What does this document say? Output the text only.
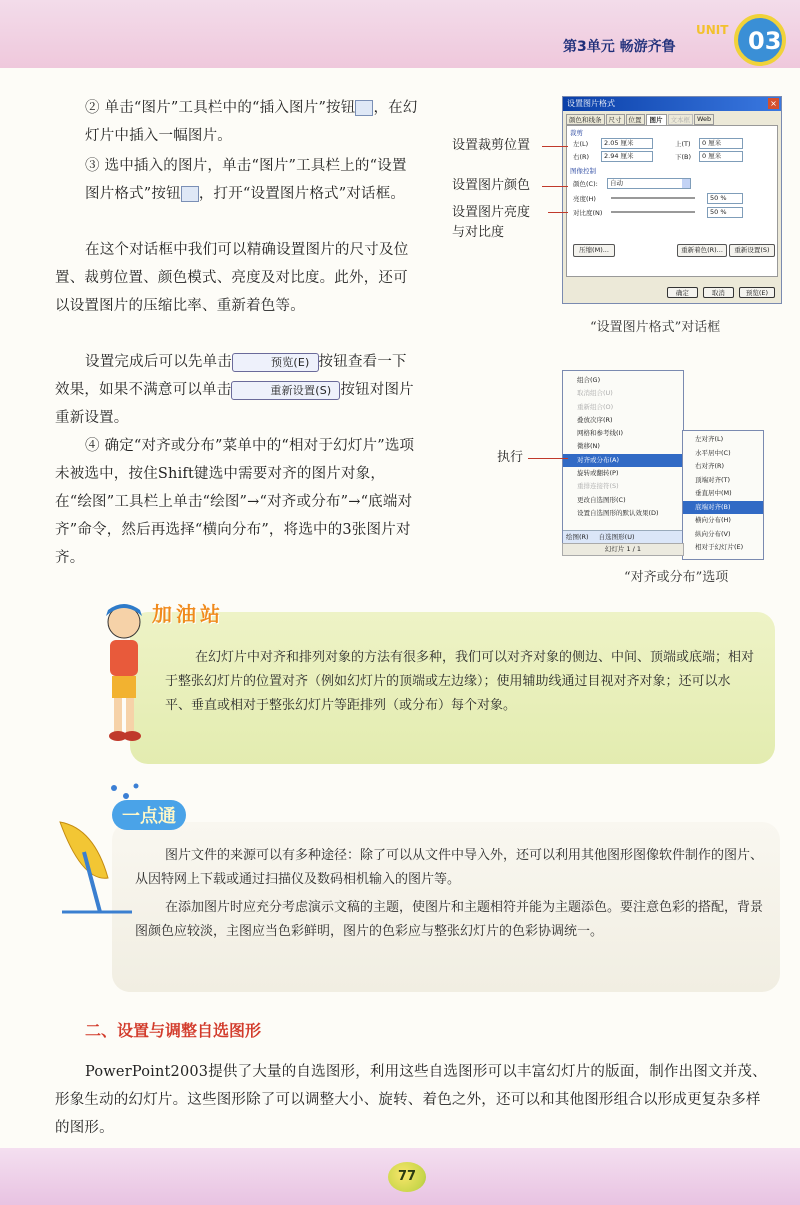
第3单元 畅游齐鲁
UNIT 03

② 单击“图片”工具栏中的“插入图片”按钮 ，在幻灯片中插入一幅图片。

③ 选中插入的图片，单击“图片”工具栏上的“设置图片格式”按钮 ，打开“设置图片格式”对话框。

在这个对话框中我们可以精确设置图片的尺寸及位置、裁剪位置、颜色模式、亮度及对比度。此外，还可以设置图片的压缩比率、重新着色等。

设置完成后可以先单击	预览(E) 按钮查看一下效果，如果不满意可以单击	重新设置(S) 按钮对图片重新设置。

④ 确定“对齐或分布”菜单中的“相对于幻灯片”选项未被选中，按住Shift键选中需要对齐的图片对象，在“绘图”工具栏上单击“绘图”→“对齐或分布”→“底端对齐”命令，然后再选择“横向分布”，将选中的3张图片对齐。

设置图片格式	×
颜色和线条	尺寸	位置	图片	文本框	Web
裁剪
左(L)	2.05 厘米	上(T)	0 厘米
右(R)	2.94 厘米	下(B)	0 厘米
图像控制
颜色(C):	自动
亮度(H)	50 %
对比度(N)	50 %
压缩(M)...	重新着色(R)...	重新设置(S)
确定	取消	预览(E)
设置裁剪位置
设置图片颜色
设置图片亮度
与对比度
“设置图片格式”对话框
组合(G)
取消组合(U)
重新组合(O)
叠放次序(R)
网格和参考线(I)
微移(N)
对齐或分布(A)
旋转或翻转(P)
重排连接符(S)
更改自选图形(C)
设置自选图形的默认效果(D)
绘图(R) 自选图形(U)
左对齐(L)
水平居中(C)
右对齐(R)
顶端对齐(T)
垂直居中(M)
底端对齐(B)
横向分布(H)
纵向分布(V)
相对于幻灯片(E)
幻灯片 1 / 1
执行
“对齐或分布”选项
加油站

在幻灯片中对齐和排列对象的方法有很多种，我们可以对齐对象的侧边、中间、顶端或底端；相对于整张幻灯片的位置对齐（例如幻灯片的顶端或左边缘）；使用辅助线通过目视对齐对象；还可以水平、垂直或相对于整张幻灯片等距排列（或分布）每个对象。

一点通

图片文件的来源可以有多种途径：除了可以从文件中导入外，还可以利用其他图形图像软件制作的图片、从因特网上下载或通过扫描仪及数码相机输入的图片等。

在添加图片时应充分考虑演示文稿的主题，使图片和主题相符并能为主题添色。要注意色彩的搭配，背景图颜色应较淡，主图应当色彩鲜明，图片的色彩应与整张幻灯片的色彩协调统一。

二、设置与调整自选图形

PowerPoint2003提供了大量的自选图形，利用这些自选图形可以丰富幻灯片的版面，制作出图文并茂、形象生动的幻灯片。这些图形除了可以调整大小、旋转、着色之外，还可以和其他图形组合以形成更复杂多样的图形。

77
